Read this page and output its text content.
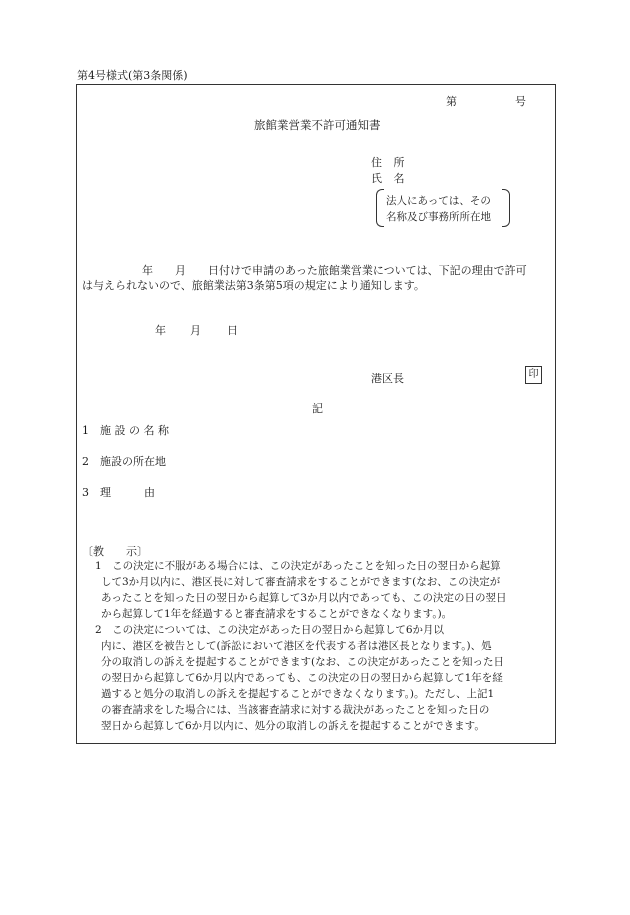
第4号様式(第3条関係)
第	号
旅館業営業不許可通知書
住 所
氏 名
法人にあっては、その
名称及び事務所所在地
年　　月　　日付けで申請のあった旅館業営業については、下記の理由で許可
は与えられないので、旅館業法第3条第5項の規定により通知します。
年 月 日
港区長	印
記
1　施 設 の 名 称
2　施設の所在地
3　理　　　由
〔教　　示〕
1　この決定に不服がある場合には、この決定があったことを知った日の翌日から起算
して3か月以内に、港区長に対して審査請求をすることができます(なお、この決定が
あったことを知った日の翌日から起算して3か月以内であっても、この決定の日の翌日
から起算して1年を経過すると審査請求をすることができなくなります。)。
2　この決定については、この決定があった日の翌日から起算して6か月以
内に、港区を被告として(訴訟において港区を代表する者は港区長となります。)、処
分の取消しの訴えを提起することができます(なお、この決定があったことを知った日
の翌日から起算して6か月以内であっても、この決定の日の翌日から起算して1年を経
過すると処分の取消しの訴えを提起することができなくなります。)。ただし、上記1
の審査請求をした場合には、当該審査請求に対する裁決があったことを知った日の
翌日から起算して6か月以内に、処分の取消しの訴えを提起することができます。
